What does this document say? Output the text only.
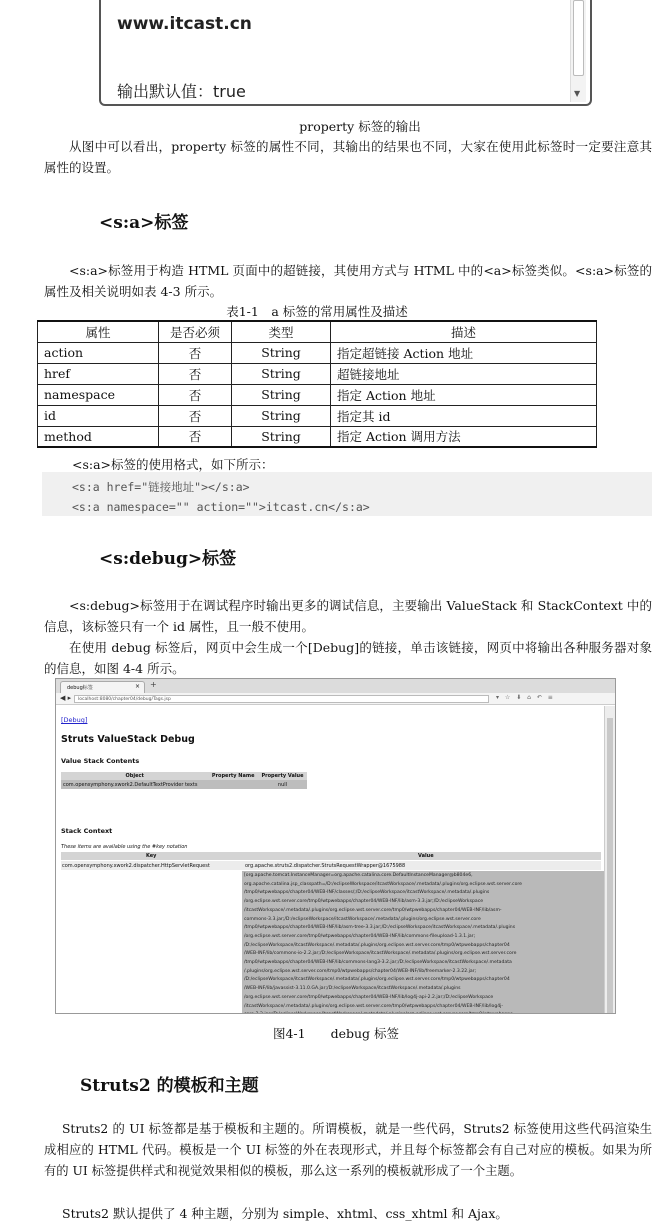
www.itcast.cn
输出默认值：true	▼
property 标签的输出

从图中可以看出，property 标签的属性不同，其输出的结果也不同，大家在使用此标签时一定要注意其属性的设置。

<s:a>标签

<s:a>标签用于构造 HTML 页面中的超链接，其使用方式与 HTML 中的<a>标签类似。<s:a>标签的属性及相关说明如表 4-3 所示。

表1-1　a 标签的常用属性及描述
属性	是否必须	类型	描述
action	否	String	指定超链接 Action 地址
href	否	String	超链接地址
namespace	否	String	指定 Action 地址
id	否	String	指定其 id
method	否	String	指定 Action 调用方法
<s:a>标签的使用格式，如下所示：
<s:a href="链接地址"></s:a>
<s:a namespace="" action="">itcast.cn</s:a>
<s:debug>标签

<s:debug>标签用于在调试程序时输出更多的调试信息，主要输出 ValueStack 和 StackContext 中的信息，该标签只有一个 id 属性，且一般不使用。

在使用 debug 标签后，网页中会生成一个[Debug]的链接，单击该链接，网页中将输出各种服务器对象的信息，如图 4-4 所示。

debug标签	× +
◀ ▸	localhost:8080/chapter04/debug/Tags.jsp	▾ ☆ ⬇ ⌂ ↶ ≡
[Debug]
Struts ValueStack Debug
Value Stack Contents
Object	Property Name	Property Value
com.opensymphony.xwork2.DefaultTextProvider texts		null
Stack Context
These items are available using the #key notation
Key	Value
com.opensymphony.xwork2.dispatcher.HttpServletRequest	org.apache.struts2.dispatcher.StrutsRequestWrapper@1675988
[org.apache.tomcat.InstanceManager=org.apache.catalina.core.DefaultInstanceManager@b804e6,
org.apache.catalina.jsp_classpath=/D:/eclipseWorkspace/itcastWorkspace/.metadata/.plugins/org.eclipse.wst.server.core
/tmp0/wtpwebapps/chapter04/WEB-INF/classes/;/D:/eclipseWorkspace/itcastWorkspace/.metadata/.plugins
/org.eclipse.wst.server.core/tmp0/wtpwebapps/chapter04/WEB-INF/lib/asm-3.3.jar;/D:/eclipseWorkspace
/itcastWorkspace/.metadata/.plugins/org.eclipse.wst.server.core/tmp0/wtpwebapps/chapter04/WEB-INF/lib/asm-
commons-3.3.jar;/D:/eclipseWorkspace/itcastWorkspace/.metadata/.plugins/org.eclipse.wst.server.core
/tmp0/wtpwebapps/chapter04/WEB-INF/lib/asm-tree-3.3.jar;/D:/eclipseWorkspace/itcastWorkspace/.metadata/.plugins
/org.eclipse.wst.server.core/tmp0/wtpwebapps/chapter04/WEB-INF/lib/commons-fileupload-1.3.1.jar;
/D:/eclipseWorkspace/itcastWorkspace/.metadata/.plugins/org.eclipse.wst.server.core/tmp0/wtpwebapps/chapter04
/WEB-INF/lib/commons-io-2.2.jar;/D:/eclipseWorkspace/itcastWorkspace/.metadata/.plugins/org.eclipse.wst.server.core
/tmp0/wtpwebapps/chapter04/WEB-INF/lib/commons-lang3-3.2.jar;/D:/eclipseWorkspace/itcastWorkspace/.metadata
/.plugins/org.eclipse.wst.server.core/tmp0/wtpwebapps/chapter04/WEB-INF/lib/freemarker-2.3.22.jar;
/D:/eclipseWorkspace/itcastWorkspace/.metadata/.plugins/org.eclipse.wst.server.core/tmp0/wtpwebapps/chapter04
/WEB-INF/lib/javassist-3.11.0.GA.jar;/D:/eclipseWorkspace/itcastWorkspace/.metadata/.plugins
/org.eclipse.wst.server.core/tmp0/wtpwebapps/chapter04/WEB-INF/lib/log4j-api-2.2.jar;/D:/eclipseWorkspace
/itcastWorkspace/.metadata/.plugins/org.eclipse.wst.server.core/tmp0/wtpwebapps/chapter04/WEB-INF/lib/log4j-
图4-1　　debug 标签
Struts2 的模板和主题

Struts2 的 UI 标签都是基于模板和主题的。所谓模板，就是一些代码，Struts2 标签使用这些代码渲染生成相应的 HTML 代码。模板是一个 UI 标签的外在表现形式，并且每个标签都会有自己对应的模板。如果为所有的 UI 标签提供样式和视觉效果相似的模板，那么这一系列的模板就形成了一个主题。

Struts2 默认提供了 4 种主题，分别为 simple、xhtml、css_xhtml 和 Ajax。
